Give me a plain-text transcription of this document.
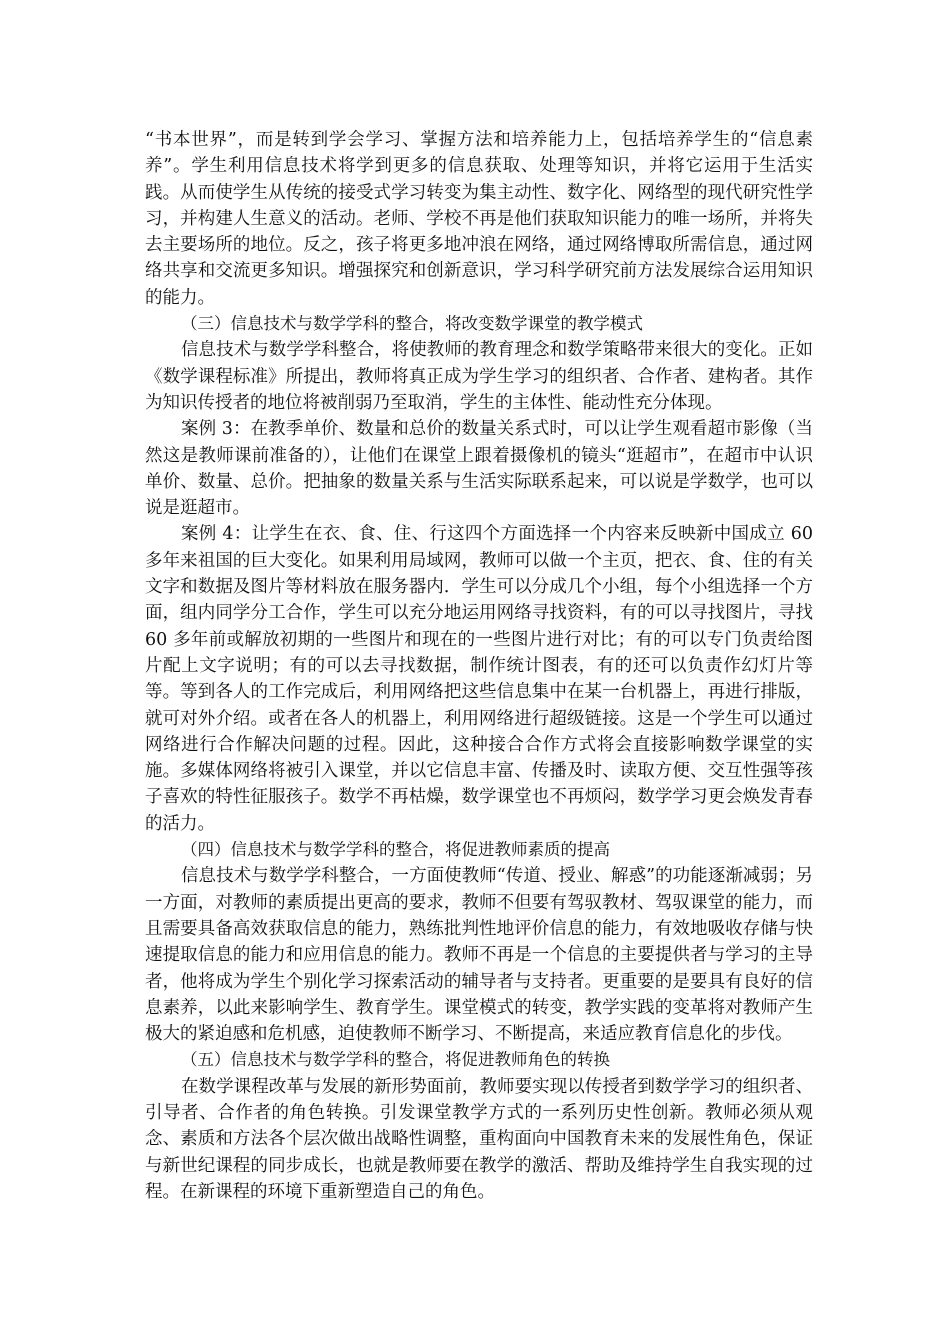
“书本世界”，而是转到学会学习、掌握方法和培养能力上，包括培养学生的“信息素养”。学生利用信息技术将学到更多的信息获取、处理等知识，并将它运用于生活实践。从而使学生从传统的接受式学习转变为集主动性、数字化、网络型的现代研究性学习，并构建人生意义的活动。老师、学校不再是他们获取知识能力的唯一场所，并将失去主要场所的地位。反之，孩子将更多地冲浪在网络，通过网络博取所需信息，通过网络共享和交流更多知识。增强探究和创新意识，学习科学研究前方法发展综合运用知识的能力。

（三）信息技术与数学学科的整合，将改变数学课堂的教学模式

信息技术与数学学科整合，将使教师的教育理念和数学策略带来很大的变化。正如《数学课程标准》所提出，教师将真正成为学生学习的组织者、合作者、建构者。其作为知识传授者的地位将被削弱乃至取消，学生的主体性、能动性充分体现。

案例 3：在教季单价、数量和总价的数量关系式时，可以让学生观看超市影像（当然这是教师课前准备的），让他们在课堂上跟着摄像机的镜头“逛超市”，在超市中认识单价、数量、总价。把抽象的数量关系与生活实际联系起来，可以说是学数学，也可以说是逛超市。

案例 4：让学生在衣、食、住、行这四个方面选择一个内容来反映新中国成立 60 多年来祖国的巨大变化。如果利用局域网，教师可以做一个主页，把衣、食、住的有关文字和数据及图片等材料放在服务器内．学生可以分成几个小组，每个小组选择一个方面，组内同学分工合作，学生可以充分地运用网络寻找资料，有的可以寻找图片，寻找 60 多年前或解放初期的一些图片和现在的一些图片进行对比；有的可以专门负责给图片配上文字说明；有的可以去寻找数据，制作统计图表，有的还可以负责作幻灯片等等。等到各人的工作完成后，利用网络把这些信息集中在某一台机器上，再进行排版，就可对外介绍。或者在各人的机器上，利用网络进行超级链接。这是一个学生可以通过网络进行合作解决问题的过程。因此，这种接合合作方式将会直接影响数学课堂的实施。多媒体网络将被引入课堂，并以它信息丰富、传播及时、读取方便、交互性强等孩子喜欢的特性征服孩子。数学不再枯燥，数学课堂也不再烦闷，数学学习更会焕发青春的活力。

（四）信息技术与数学学科的整合，将促进教师素质的提高

信息技术与数学学科整合，一方面使教师“传道、授业、解惑”的功能逐渐减弱；另一方面，对教师的素质提出更高的要求，教师不但要有驾驭教材、驾驭课堂的能力，而且需要具备高效获取信息的能力，熟练批判性地评价信息的能力，有效地吸收存储与快速提取信息的能力和应用信息的能力。教师不再是一个信息的主要提供者与学习的主导者，他将成为学生个别化学习探索活动的辅导者与支持者。更重要的是要具有良好的信息素养，以此来影响学生、教育学生。课堂模式的转变，教学实践的变革将对教师产生极大的紧迫感和危机感，迫使教师不断学习、不断提高，来适应教育信息化的步伐。

（五）信息技术与数学学科的整合，将促进教师角色的转换

在数学课程改革与发展的新形势面前，教师要实现以传授者到数学学习的组织者、引导者、合作者的角色转换。引发课堂教学方式的一系列历史性创新。教师必须从观念、素质和方法各个层次做出战略性调整，重构面向中国教育未来的发展性角色，保证与新世纪课程的同步成长，也就是教师要在教学的激活、帮助及维持学生自我实现的过程。在新课程的环境下重新塑造自己的角色。
